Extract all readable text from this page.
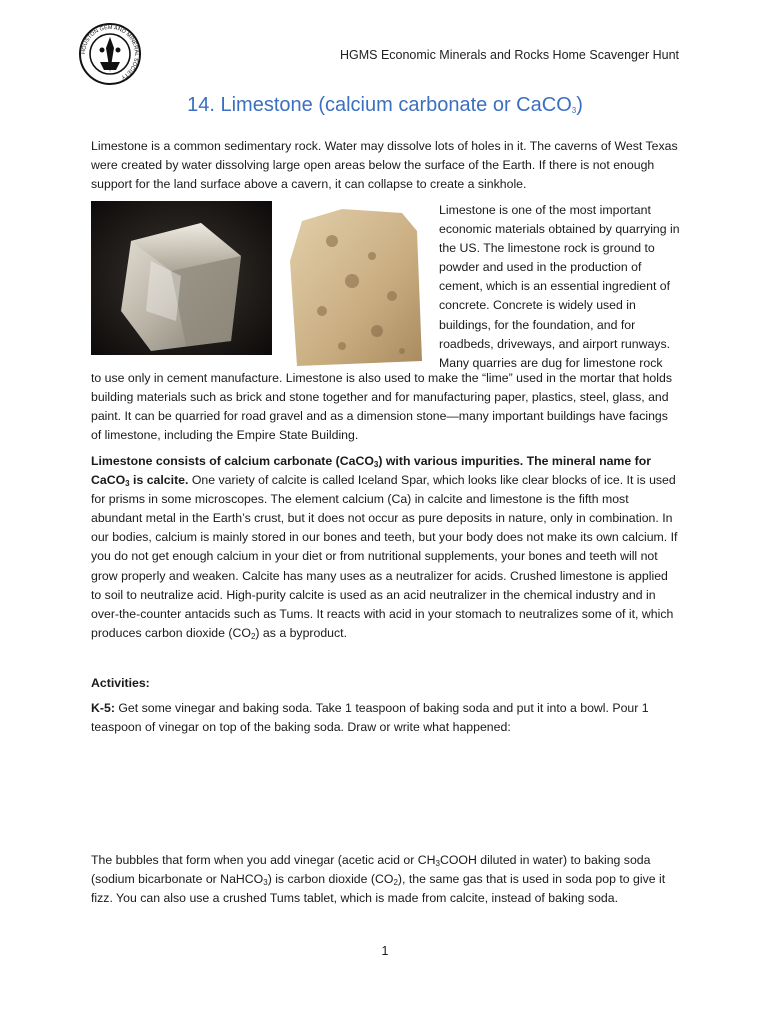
HOUSTON GEM AND MINERAL SOCIETY
HGMS Economic Minerals and Rocks Home Scavenger Hunt
14. Limestone (calcium carbonate or CaCO$_3$)
Limestone is a common sedimentary rock. Water may dissolve lots of holes in it. The caverns of West Texas were created by water dissolving large open areas below the surface of the Earth. If there is not enough support for the land surface above a cavern, it can collapse to create a sinkhole.
Limestone is one of the most important economic materials obtained by quarrying in the US. The limestone rock is ground to powder and used in the production of cement, which is an essential ingredient of concrete. Concrete is widely used in buildings, for the foundation, and for roadbeds, driveways, and airport runways. Many quarries are dug for limestone rock
to use only in cement manufacture. Limestone is also used to make the “lime” used in the mortar that holds building materials such as brick and stone together and for manufacturing paper, plastics, steel, glass, and paint. It can be quarried for road gravel and as a dimension stone—many important buildings have facings of limestone, including the Empire State Building.
Limestone consists of calcium carbonate (CaCO$_3$) with various impurities. The mineral name for CaCO$_3$ is calcite. One variety of calcite is called Iceland Spar, which looks like clear blocks of ice. It is used for prisms in some microscopes. The element calcium (Ca) in calcite and limestone is the fifth most abundant metal in the Earth’s crust, but it does not occur as pure deposits in nature, only in combination. In our bodies, calcium is mainly stored in our bones and teeth, but your body does not make its own calcium. If you do not get enough calcium in your diet or from nutritional supplements, your bones and teeth will not grow properly and weaken. Calcite has many uses as a neutralizer for acids. Crushed limestone is applied to soil to neutralize acid. High-purity calcite is used as an acid neutralizer in the chemical industry and in over-the-counter antacids such as Tums. It reacts with acid in your stomach to neutralizes some of it, which produces carbon dioxide $(CO_2)$ as a byproduct.
Activities:
K-5: Get some vinegar and baking soda. Take 1 teaspoon of baking soda and put it into a bowl. Pour 1 teaspoon of vinegar on top of the baking soda. Draw or write what happened:
The bubbles that form when you add vinegar (acetic acid or $CH_3COOH$ diluted in water) to baking soda (sodium bicarbonate or NaHCO$_3$) is carbon dioxide $(CO_2)$, the same gas that is used in soda pop to give it fizz. You can also use a crushed Tums tablet, which is made from calcite, instead of baking soda.
1
